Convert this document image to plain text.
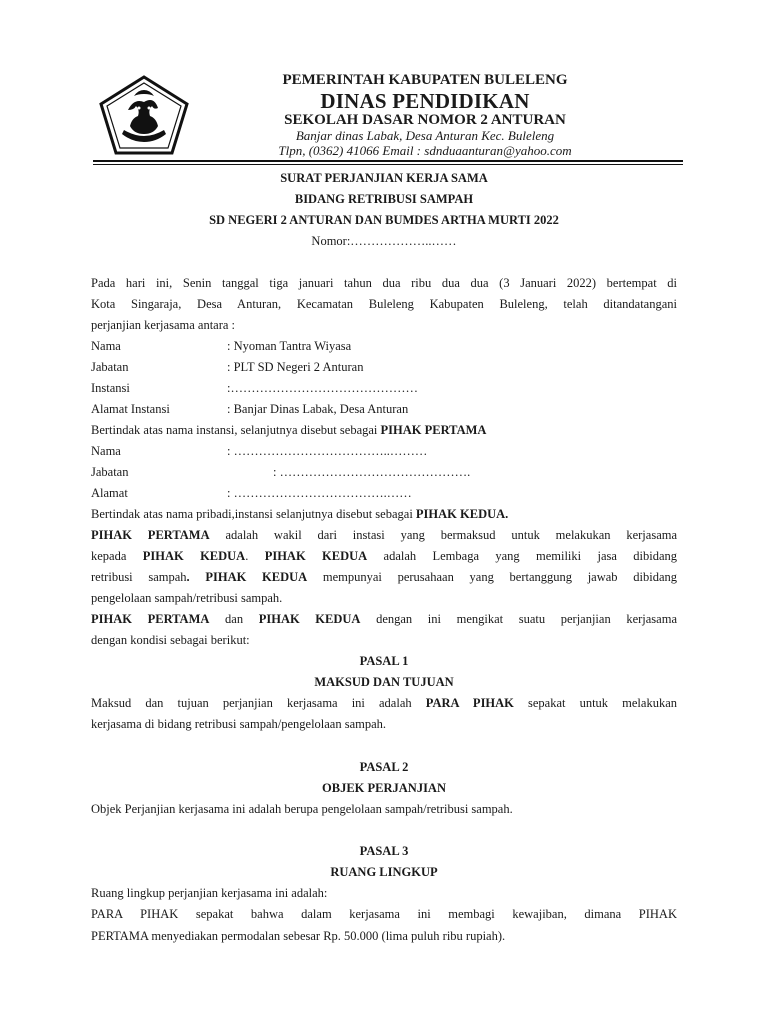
PEMERINTAH KABUPATEN BULELENG
DINAS PENDIDIKAN
SEKOLAH DASAR NOMOR 2 ANTURAN
Banjar dinas Labak, Desa Anturan Kec. Buleleng
Tlpn, (0362) 41066 Email : sdnduaanturan@yahoo.com
SURAT PERJANJIAN KERJA SAMA
BIDANG RETRIBUSI SAMPAH
SD NEGERI 2 ANTURAN DAN BUMDES ARTHA MURTI 2022
Nomor:………………..……
Pada hari ini, Senin tanggal tiga januari tahun dua ribu dua dua (3 Januari 2022) bertempat di
Kota Singaraja, Desa Anturan, Kecamatan Buleleng Kabupaten Buleleng, telah ditandatangani
perjanjian kerjasama antara :
Nama	: Nyoman Tantra Wiyasa
Jabatan	: PLT SD Negeri 2 Anturan
Instansi	:………………………………………
Alamat Instansi	: Banjar Dinas Labak, Desa Anturan
Bertindak atas nama instansi, selanjutnya disebut sebagai PIHAK PERTAMA
Nama	: ………………………………..………
Jabatan	: ……………………………………….
Alamat	: ……………………………….……
Bertindak atas nama pribadi,instansi selanjutnya disebut sebagai PIHAK KEDUA.
PIHAK PERTAMA adalah wakil dari instasi yang bermaksud untuk melakukan kerjasama
kepada PIHAK KEDUA. PIHAK KEDUA adalah Lembaga yang memiliki jasa dibidang
retribusi sampah. PIHAK KEDUA mempunyai perusahaan yang bertanggung jawab dibidang
pengelolaan sampah/retribusi sampah.
PIHAK PERTAMA dan PIHAK KEDUA dengan ini mengikat suatu perjanjian kerjasama
dengan kondisi sebagai berikut:
PASAL 1
MAKSUD DAN TUJUAN
Maksud dan tujuan perjanjian kerjasama ini adalah PARA PIHAK sepakat untuk melakukan
kerjasama di bidang retribusi sampah/pengelolaan sampah.
PASAL 2
OBJEK PERJANJIAN
Objek Perjanjian kerjasama ini adalah berupa pengelolaan sampah/retribusi sampah.
PASAL 3
RUANG LINGKUP
Ruang lingkup perjanjian kerjasama ini adalah:
PARA PIHAK sepakat bahwa dalam kerjasama ini membagi kewajiban, dimana PIHAK
PERTAMA menyediakan permodalan sebesar Rp. 50.000 (lima puluh ribu rupiah).
